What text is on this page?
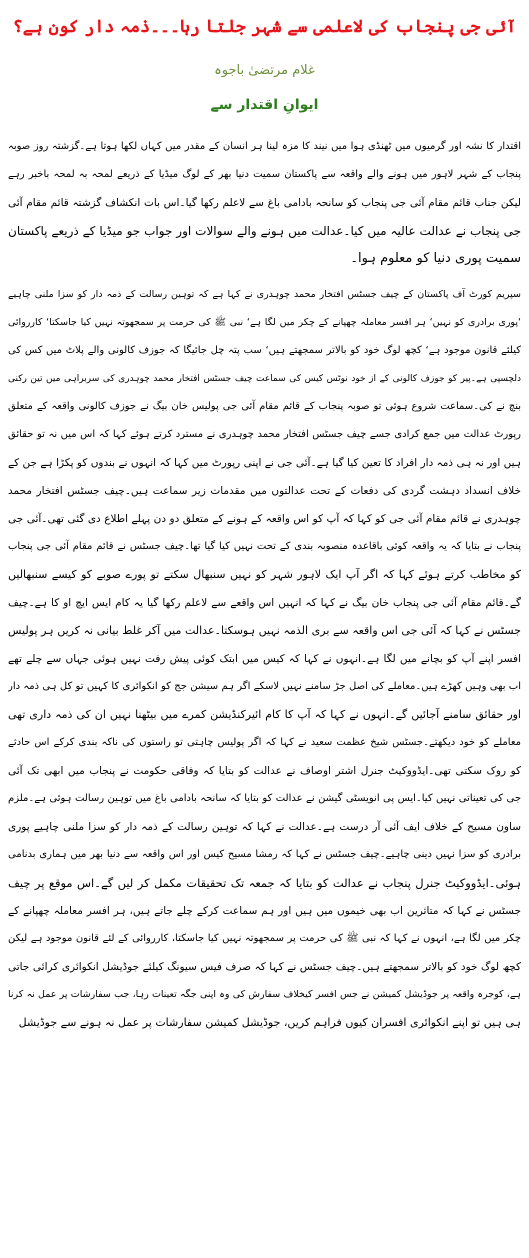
آئی جی پنجاب کی لاعلمی سے شہر جلتا رہا۔۔۔ذمہ دار کون ہے؟
غلام مرتضیٰ باجوہ
ایوانِ اقتدار سے
اقتدار کا نشہ اور گرمیوں میں ٹھنڈی ہوا میں نیند کا مزہ لینا ہر انسان کے مقدر میں کہاں لکھا ہوتا ہے۔گزشتہ روز صوبہ
پنجاب کے شہر لاہور میں ہونے والے واقعہ سے پاکستان سمیت دنیا بھر کے لوگ میڈیا کے ذریعے لمحہ بہ لمحہ باخبر رہے
لیکن جناب قائم مقام آئی جی پنجاب کو سانحہ بادامی باغ سے لاعلم رکھا گیا۔اس بات انکشاف گزشتہ قائم مقام آئی
جی پنجاب نے عدالت عالیہ میں کیا۔عدالت میں ہونے والے سوالات اور جواب جو میڈیا کے ذریعے پاکستان
سمیت پوری دنیا کو معلوم ہوا۔
سپریم کورٹ آف پاکستان کے چیف جسٹس افتخار محمد چوہدری نے کہا ہے کہ توہین رسالت کے ذمہ دار کو سزا ملنی چاہیے
‘پوری برادری کو نہیں‘ ہر افسر معاملہ چھپانے کے چکر میں لگا ہے‘ نبی ﷺ کی حرمت پر سمجھوتہ نہیں کیا جاسکتا‘ کارروائی
کیلئے قانون موجود ہے‘ کچھ لوگ خود کو بالاتر سمجھتے ہیں‘ سب پتہ چل جائیگا کہ جوزف کالونی والے پلاٹ میں کس کی
دلچسپی ہے۔پیر کو جوزف کالونی کے از خود نوٹس کیس کی سماعت چیف جسٹس افتخار محمد چوہدری کی سربراہی میں تین رکنی
بنچ نے کی۔سماعت شروع ہوئی تو صوبہ پنجاب کے قائم مقام آئی جی پولیس خان بیگ نے جوزف کالونی واقعہ کے متعلق
رپورٹ عدالت میں جمع کرادی جسے چیف جسٹس افتخار محمد چوہدری نے مسترد کرتے ہوئے کہا کہ اس میں نہ تو حقائق
ہیں اور نہ ہی ذمہ دار افراد کا تعین کیا گیا ہے۔آئی جی نے اپنی رپورٹ میں کہا کہ انہوں نے بندوں کو پکڑا ہے جن کے
خلاف انسداد دہشت گردی کی دفعات کے تحت عدالتوں میں مقدمات زیر سماعت ہیں۔چیف جسٹس افتخار محمد
چوہدری نے قائم مقام آئی جی کو کہا کہ آپ کو اس واقعہ کے ہونے کے متعلق دو دن پہلے اطلاع دی گئی تھی۔آئی جی
پنجاب نے بتایا کہ یہ واقعہ کوئی باقاعدہ منصوبہ بندی کے تحت نہیں کیا گیا تھا۔چیف جسٹس نے قائم مقام آئی جی پنجاب
کو مخاطب کرتے ہوئے کہا کہ اگر آپ ایک لاہور شہر کو نہیں سنبھال سکتے تو پورے صوبے کو کیسے سنبھالیں
گے۔قائم مقام آئی جی پنجاب خان بیگ نے کہا کہ انہیں اس واقعے سے لاعلم رکھا گیا یہ کام ایس ایچ او کا ہے۔چیف
جسٹس نے کہا کہ آئی جی اس واقعہ سے بری الذمہ نہیں ہوسکتا۔عدالت میں آکر غلط بیانی نہ کریں ہر پولیس
افسر اپنے آپ کو بچانے میں لگا ہے۔انہوں نے کہا کہ کیس میں ابتک کوئی پیش رفت نہیں ہوئی جہاں سے چلے تھے
اب بھی وہیں کھڑے ہیں۔معاملے کی اصل جڑ سامنے نہیں لاسکے اگر ہم سیشن جج کو انکوائری کا کہیں تو کل ہی ذمہ دار
اور حقائق سامنے آجائیں گے۔انہوں نے کہا کہ آپ کا کام ائیرکنڈیشن کمرے میں بیٹھنا نہیں ان کی ذمہ داری تھی
معاملے کو خود دیکھتے۔جسٹس شیخ عظمت سعید نے کہا کہ اگر پولیس چاہتی تو راستوں کی ناکہ بندی کرکے اس حادثے
کو روک سکتی تھی۔ایڈووکیٹ جنرل اشتر اوصاف نے عدالت کو بتایا کہ وفاقی حکومت نے پنجاب میں ابھی تک آئی
جی کی تعیناتی نہیں کیا۔ایس پی انویسٹی گیشن نے عدالت کو بتایا کہ سانحہ بادامی باغ میں توہین رسالت ہوئی ہے۔ملزم
ساون مسیح کے خلاف ایف آئی آر درست ہے۔عدالت نے کہا کہ توہین رسالت کے ذمہ دار کو سزا ملنی چاہیے پوری
برادری کو سزا نہیں دینی چاہیے۔چیف جسٹس نے کہا کہ رمشا مسیح کیس اور اس واقعہ سے دنیا بھر میں ہماری بدنامی
ہوئی۔ایڈووکیٹ جنرل پنجاب نے عدالت کو بتایا کہ جمعہ تک تحقیقات مکمل کر لیں گے۔اس موقع پر چیف
جسٹس نے کہا کہ متاثرین اب بھی خیموں میں ہیں اور ہم سماعت کرکے چلے جاتے ہیں، ہر افسر معاملہ چھپانے کے
چکر میں لگا ہے، انہوں نے کہا کہ نبی ﷺ کی حرمت پر سمجھوتہ نہیں کیا جاسکتا، کارروائی کے لئے قانون موجود ہے لیکن
کچھ لوگ خود کو بالاتر سمجھتے ہیں۔چیف جسٹس نے کہا کہ صرف فیس سیونگ کیلئے جوڈیشل انکوائری کرائی جاتی
ہے، کوجرہ واقعہ پر جوڈیشل کمیشن نے جس افسر کیخلاف سفارش کی وہ اپنی جگہ تعینات رہا، جب سفارشات پر عمل نہ کرنا
ہی ہیں تو اپنے انکوائری افسران کیوں فراہم کریں، جوڈیشل کمیشن سفارشات پر عمل نہ ہونے سے جوڈیشل
